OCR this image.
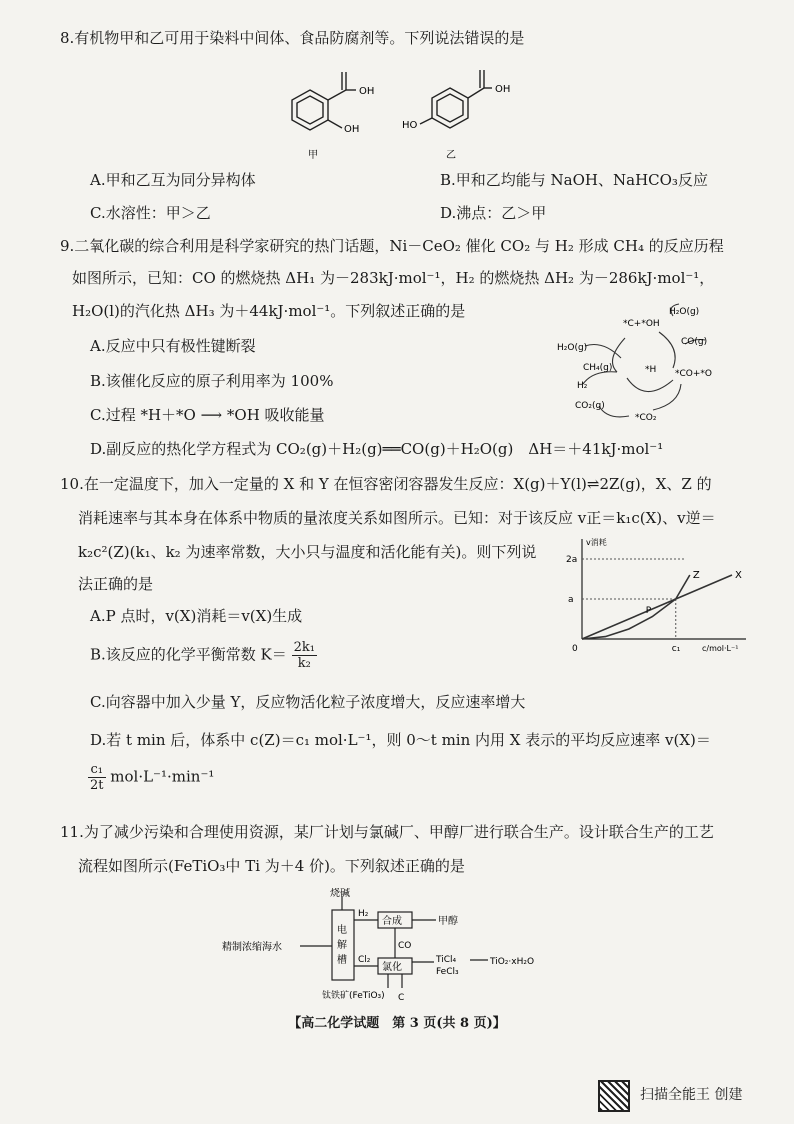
8.有机物甲和乙可用于染料中间体、食品防腐剂等。下列说法错误的是
OH
OH
甲
OH
HO
乙
A.甲和乙互为同分异构体	B.甲和乙均能与 NaOH、NaHCO₃反应
C.水溶性：甲＞乙	D.沸点：乙＞甲
9.二氧化碳的综合利用是科学家研究的热门话题，Ni－CeO₂ 催化 CO₂ 与 H₂ 形成 CH₄ 的反应历程
如图所示，已知：CO 的燃烧热 ΔH₁ 为－283kJ·mol⁻¹，H₂ 的燃烧热 ΔH₂ 为－286kJ·mol⁻¹，
H₂O(l)的汽化热 ΔH₃ 为＋44kJ·mol⁻¹。下列叙述正确的是
A.反应中只有极性键断裂
B.该催化反应的原子利用率为 100%
C.过程 *H＋*O ⟶ *OH 吸收能量
D.副反应的热化学方程式为 CO₂(g)＋H₂(g)══CO(g)＋H₂O(g)　ΔH＝＋41kJ·mol⁻¹
H₂O(g)
*C+*OH
H₂O(g)
CO(g)
CH₄(g)	*H *CO+*O
H₂
CO₂(g)
*CO₂
10.在一定温度下，加入一定量的 X 和 Y 在恒容密闭容器发生反应：X(g)＋Y(l)⇌2Z(g)，X、Z 的
消耗速率与其本身在体系中物质的量浓度关系如图所示。已知：对于该反应 v正＝k₁c(X)、v逆＝
k₂c²(Z)(k₁、k₂ 为速率常数，大小只与温度和活化能有关)。则下列说
法正确的是
A.P 点时，v(X)消耗＝v(X)生成
B.该反应的化学平衡常数 $K= \frac{\text{2k₁}}{\text{k₂}}$
C.向容器中加入少量 Y，反应物活化粒子浓度增大，反应速率增大
D.若 t min 后，体系中 c(Z)＝c₁ mol·L⁻¹，则 0～t min 内用 X 表示的平均反应速率 v(X)＝
$\frac{\text{c₁}}{2t} mol\cdot L^{-1}\cdot\min^{-1}$
v消耗
c/mol·L⁻¹
0	c₁
a
2a
Z	X
P
11.为了减少污染和合理使用资源，某厂计划与氯碱厂、甲醇厂进行联合生产。设计联合生产的工艺
流程如图所示(FeTiO₃中 Ti 为＋4 价)。下列叙述正确的是
烧碱
精制浓缩海水
电
解
槽
H₂
Cl₂
合成	甲醇
CO
氯化
TiCl₄
FeCl₃
TiO₂·xH₂O
钛铁矿(FeTiO₃) C
【高二化学试题　第 3 页(共 8 页)】
扫描全能王 创建
